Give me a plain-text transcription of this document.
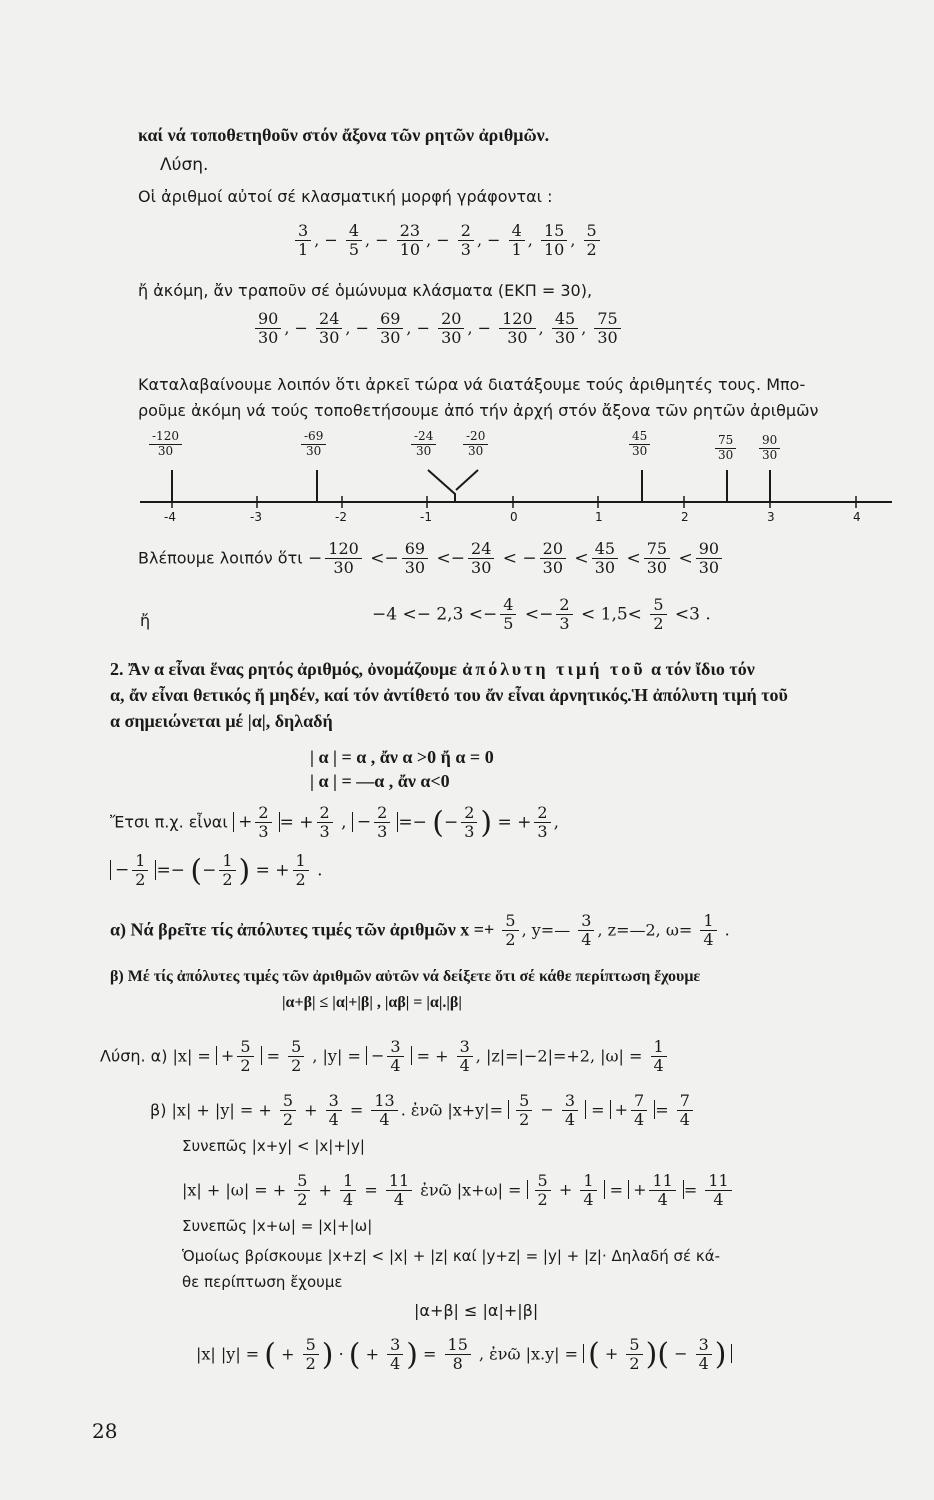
καί νά τοποθετηθοῦν στόν ἄξονα τῶν ρητῶν ἀριθμῶν.
Λύση.
Οἱ ἀριθμοί αὐτοί σέ κλασματική μορφή γράφονται :
$\frac{3}{1}$ , − $\frac{4}{5}$ , − $\frac{23}{10}$ , − $\frac{2}{3}$ , − $\frac{4}{1}$ , $\frac{15}{10}$ , $\frac{5}{2}$
ἤ ἀκόμη, ἄν τραποῦν σέ ὁμώνυμα κλάσματα (ΕΚΠ = 30),
$\frac{90}{30}$ , − $\frac{24}{30}$ , − $\frac{69}{30}$ , − $\frac{20}{30}$ , − $\frac{120}{30}$ , $\frac{45}{30}$ , $\frac{75}{30}$
Καταλαβαίνουμε λοιπόν ὅτι ἀρκεῖ τώρα νά διατάξουμε τούς ἀριθμητές τους. Μπο-
ροῦμε ἀκόμη νά τούς τοποθετήσουμε ἀπό τήν ἀρχή στόν ἄξονα τῶν ρητῶν ἀριθμῶν
$\frac{-120}{30}$	$\frac{-69}{30}$	$\frac{-24}{30} \frac{-20}{30}$	$\frac{45}{30}$	$\frac{75}{30} \frac{90}{30}$
-4	-3	-2	-1	0	1	2	3	4
Βλέπουμε λοιπόν ὅτι − $\frac{120}{30} <- \frac{69}{30} <- \frac{24}{30}$ < − $\frac{20}{30} < \frac{45}{30} < \frac{75}{30} < \frac{90}{30}$
ἤ	$-4 <- 2,3 <- \frac{4}{5} <- \frac{2}{3} < 1,5< \frac{5}{2} <3$ .
2. Ἄν α εἶναι ἕνας ρητός ἀριθμός, ὀνομάζουμε ἀπόλυτη τιμή τοῦ α τόν ἴδιο τόν
α, ἄν εἶναι θετικός ἤ μηδέν, καί τόν ἀντίθετό του ἄν εἶναι ἀρνητικός.Ἡ ἀπόλυτη τιμή τοῦ
α σημειώνεται μέ |α|, δηλαδή
| α | = α , ἄν α >0 ἤ α = 0
| α | = —α , ἄν α<0
Ἔτσι π.χ. εἶναι + $\frac{2}{3}$ = + $\frac{2}{3}$ , − $\frac{2}{3}$ =− (− $\frac{2}{3}$ ) = + $\frac{2}{3}$ ,
− $\frac{1}{2}$ =− (− $\frac{1}{2}$ ) = + $\frac{1}{2}$ .
α) Νά βρεῖτε τίς ἀπόλυτες τιμές τῶν ἀριθμῶν $x =+ \frac{5}{2}$ , y=— $\frac{3}{4}$ , z=—2, $\omega= \frac{1}{4}$ .
β) Μέ τίς ἀπόλυτες τιμές τῶν ἀριθμῶν αὐτῶν νά δείξετε ὅτι σέ κάθε περίπτωση ἔχουμε
|α+β| ≤ |α|+|β| , |αβ| = |α|.|β|
Λύση. α) |x| = + $\frac{5}{2} = \frac{5}{2}$ , |y| = − $\frac{3}{4}$ = + $\frac{3}{4}$ , |z|=|−2|=+2, $|\omega| = \frac{1}{4}$
β) |x| + |y| = + $\frac{5}{2} + \frac{3}{4} = \frac{13}{4}$ . ἐνῶ $|x+y|= \frac{5}{2} - \frac{3}{4}$ = + $\frac{7}{4} = \frac{7}{4}$
Συνεπῶς |x+y| < |x|+|y|
|x| + |ω| = + $\frac{5}{2} + \frac{1}{4} = \frac{11}{4}$ ἐνῶ $|x+\omega| = \frac{5}{2} + \frac{1}{4}$ = + $\frac{11}{4} = \frac{11}{4}$
Συνεπῶς |x+ω| = |x|+|ω|
Ὁμοίως βρίσκουμε |x+z| < |x| + |z| καί |y+z| = |y| + |z|· Δηλαδή σέ κά-
θε περίπτωση ἔχουμε
|α+β| ≤ |α|+|β|
|x| |y| = ( + $\frac{5}{2}$ ) · ( + $\frac{3}{4}$ ) = $\frac{15}{8}$ , ἐνῶ |x.y| = ( + $\frac{5}{2}$ )( − $\frac{3}{4}$ )
28
